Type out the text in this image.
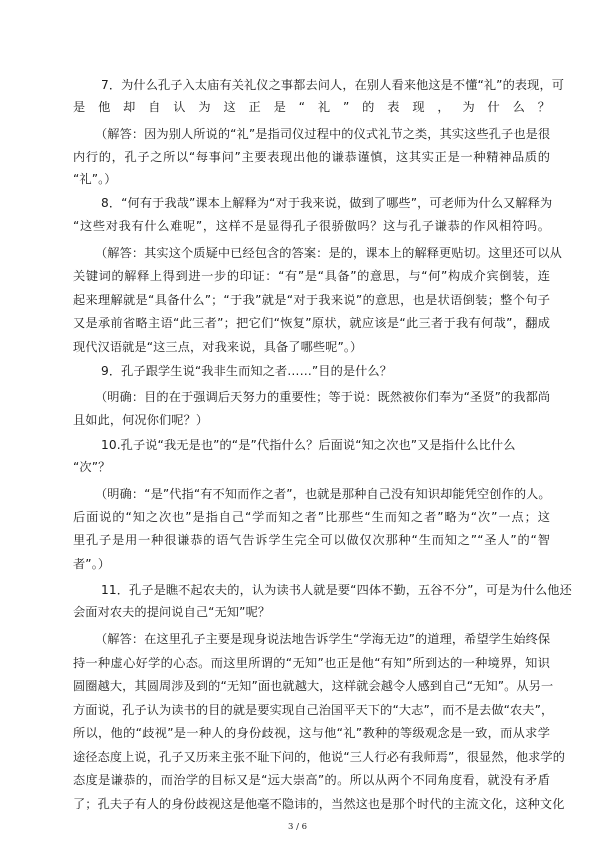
7．为什么孔子入太庙有关礼仪之事都去问人，在别人看来他这是不懂“礼”的表现，可
是他却自认为这正是“礼”的表现，为什么？
（解答：因为别人所说的“礼”是指司仪过程中的仪式礼节之类，其实这些孔子也是很
内行的，孔子之所以“每事问”主要表现出他的谦恭谨慎，这其实正是一种精神品质的
“礼”。）
8．“何有于我哉”课本上解释为“对于我来说，做到了哪些”，可老师为什么又解释为
“这些对我有什么难呢”，这样不是显得孔子很骄傲吗？这与孔子谦恭的作风相符吗。
（解答：其实这个质疑中已经包含的答案：是的，课本上的解释更贴切。这里还可以从
关键词的解释上得到进一步的印证：“有”是“具备”的意思，与“何”构成介宾倒装，连
起来理解就是“具备什么”；“于我”就是“对于我来说”的意思，也是状语倒装；整个句子
又是承前省略主语“此三者”；把它们“恢复”原状，就应该是“此三者于我有何哉”，翻成
现代汉语就是“这三点，对我来说，具备了哪些呢”。）
9．孔子跟学生说“我非生而知之者……”目的是什么？
（明确：目的在于强调后天努力的重要性；等于说：既然被你们奉为“圣贤”的我都尚
且如此，何况你们呢？）
10.孔子说“我无是也”的“是”代指什么？后面说“知之次也”又是指什么比什么
“次”？
（明确：“是”代指“有不知而作之者”，也就是那种自己没有知识却能凭空创作的人。
后面说的“知之次也”是指自己“学而知之者”比那些“生而知之者”略为“次”一点；这
里孔子是用一种很谦恭的语气告诉学生完全可以做仅次那种“生而知之”“圣人”的“智
者”。）
11．孔子是瞧不起农夫的，认为读书人就是要“四体不勤，五谷不分”，可是为什么他还
会面对农夫的提问说自己“无知”呢？
（解答：在这里孔子主要是现身说法地告诉学生“学海无边”的道理，希望学生始终保
持一种虚心好学的心态。而这里所谓的“无知”也正是他“有知”所到达的一种境界，知识
圆圈越大，其圆周涉及到的“无知”面也就越大，这样就会越令人感到自己“无知”。从另一
方面说，孔子认为读书的目的就是要实现自己治国平天下的“大志”，而不是去做“农夫”，
所以，他的“歧视”是一种人的身份歧视，这与他“礼”教种的等级观念是一致，而从求学
途径态度上说，孔子又历来主张不耻下问的，他说“三人行必有我师焉”，很显然，他求学的
态度是谦恭的，而治学的目标又是“远大崇高”的。所以从两个不同角度看，就没有矛盾
了；孔夫子有人的身份歧视这是他毫不隐讳的，当然这也是那个时代的主流文化，这种文化
3 / 6
